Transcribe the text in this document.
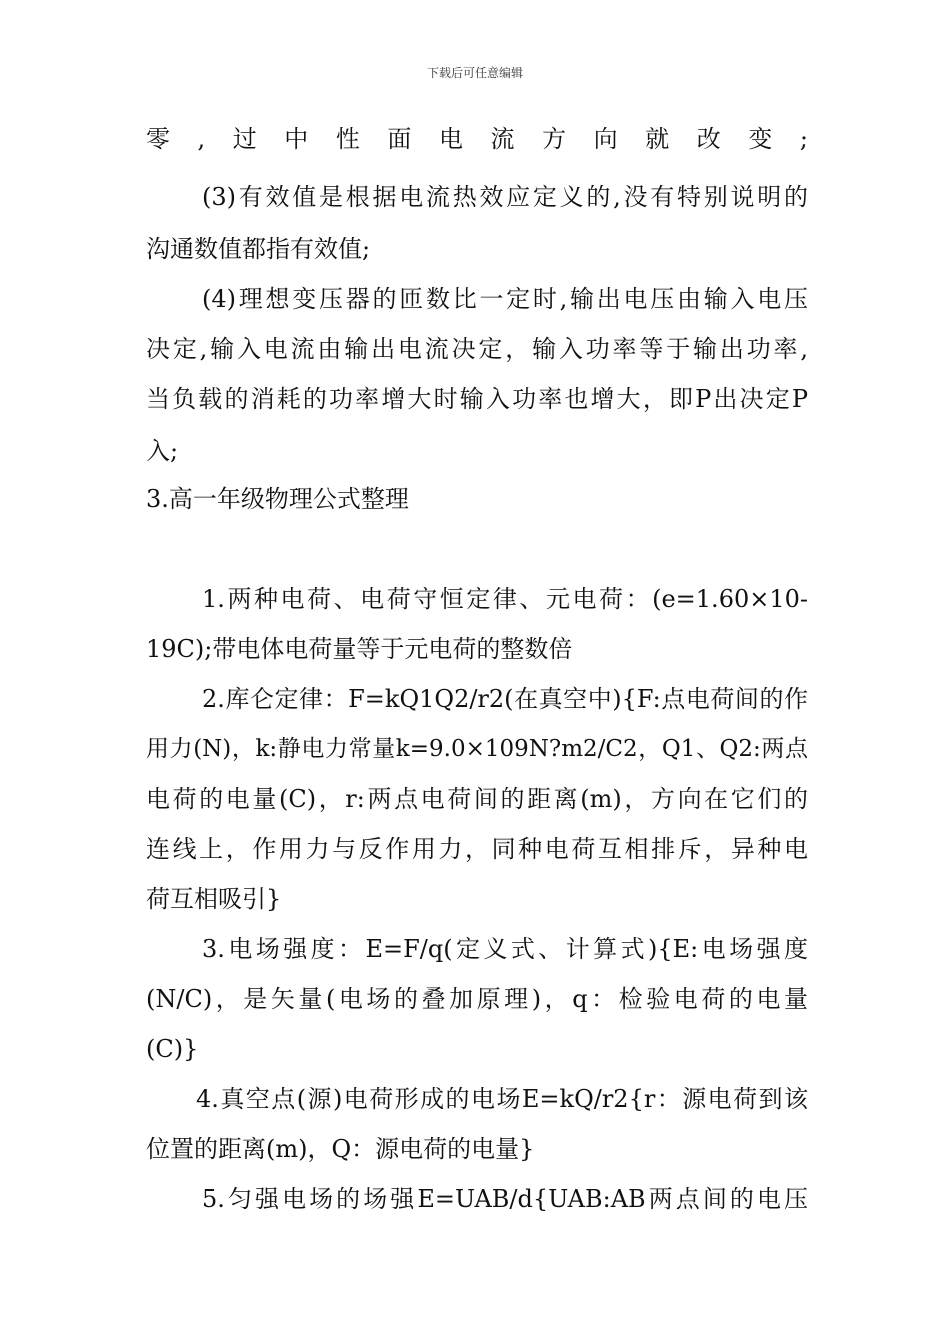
下载后可任意编辑
零,过中性面电流方向就改变;
(3)有效值是根据电流热效应定义的,没有特别说明的
沟通数值都指有效值;
(4)理想变压器的匝数比一定时,输出电压由输入电压
决定,输入电流由输出电流决定，输入功率等于输出功率,
当负载的消耗的功率增大时输入功率也增大，即P出决定P
入;
3.高一年级物理公式整理
1.两种电荷、电荷守恒定律、元电荷：(e=1.60×10-
19C);带电体电荷量等于元电荷的整数倍
2.库仑定律：F=kQ1Q2/r2(在真空中){F:点电荷间的作
用力(N)，k:静电力常量k=9.0×109N?m2/C2，Q1、Q2:两点
电荷的电量(C)，r:两点电荷间的距离(m)，方向在它们的
连线上，作用力与反作用力，同种电荷互相排斥，异种电
荷互相吸引}
3.电场强度：E=F/q(定义式、计算式){E:电场强度
(N/C)，是矢量(电场的叠加原理)，q：检验电荷的电量
(C)}
4.真空点(源)电荷形成的电场E=kQ/r2{r：源电荷到该
位置的距离(m)，Q：源电荷的电量}
5.匀强电场的场强E=UAB/d{UAB:AB两点间的电压
